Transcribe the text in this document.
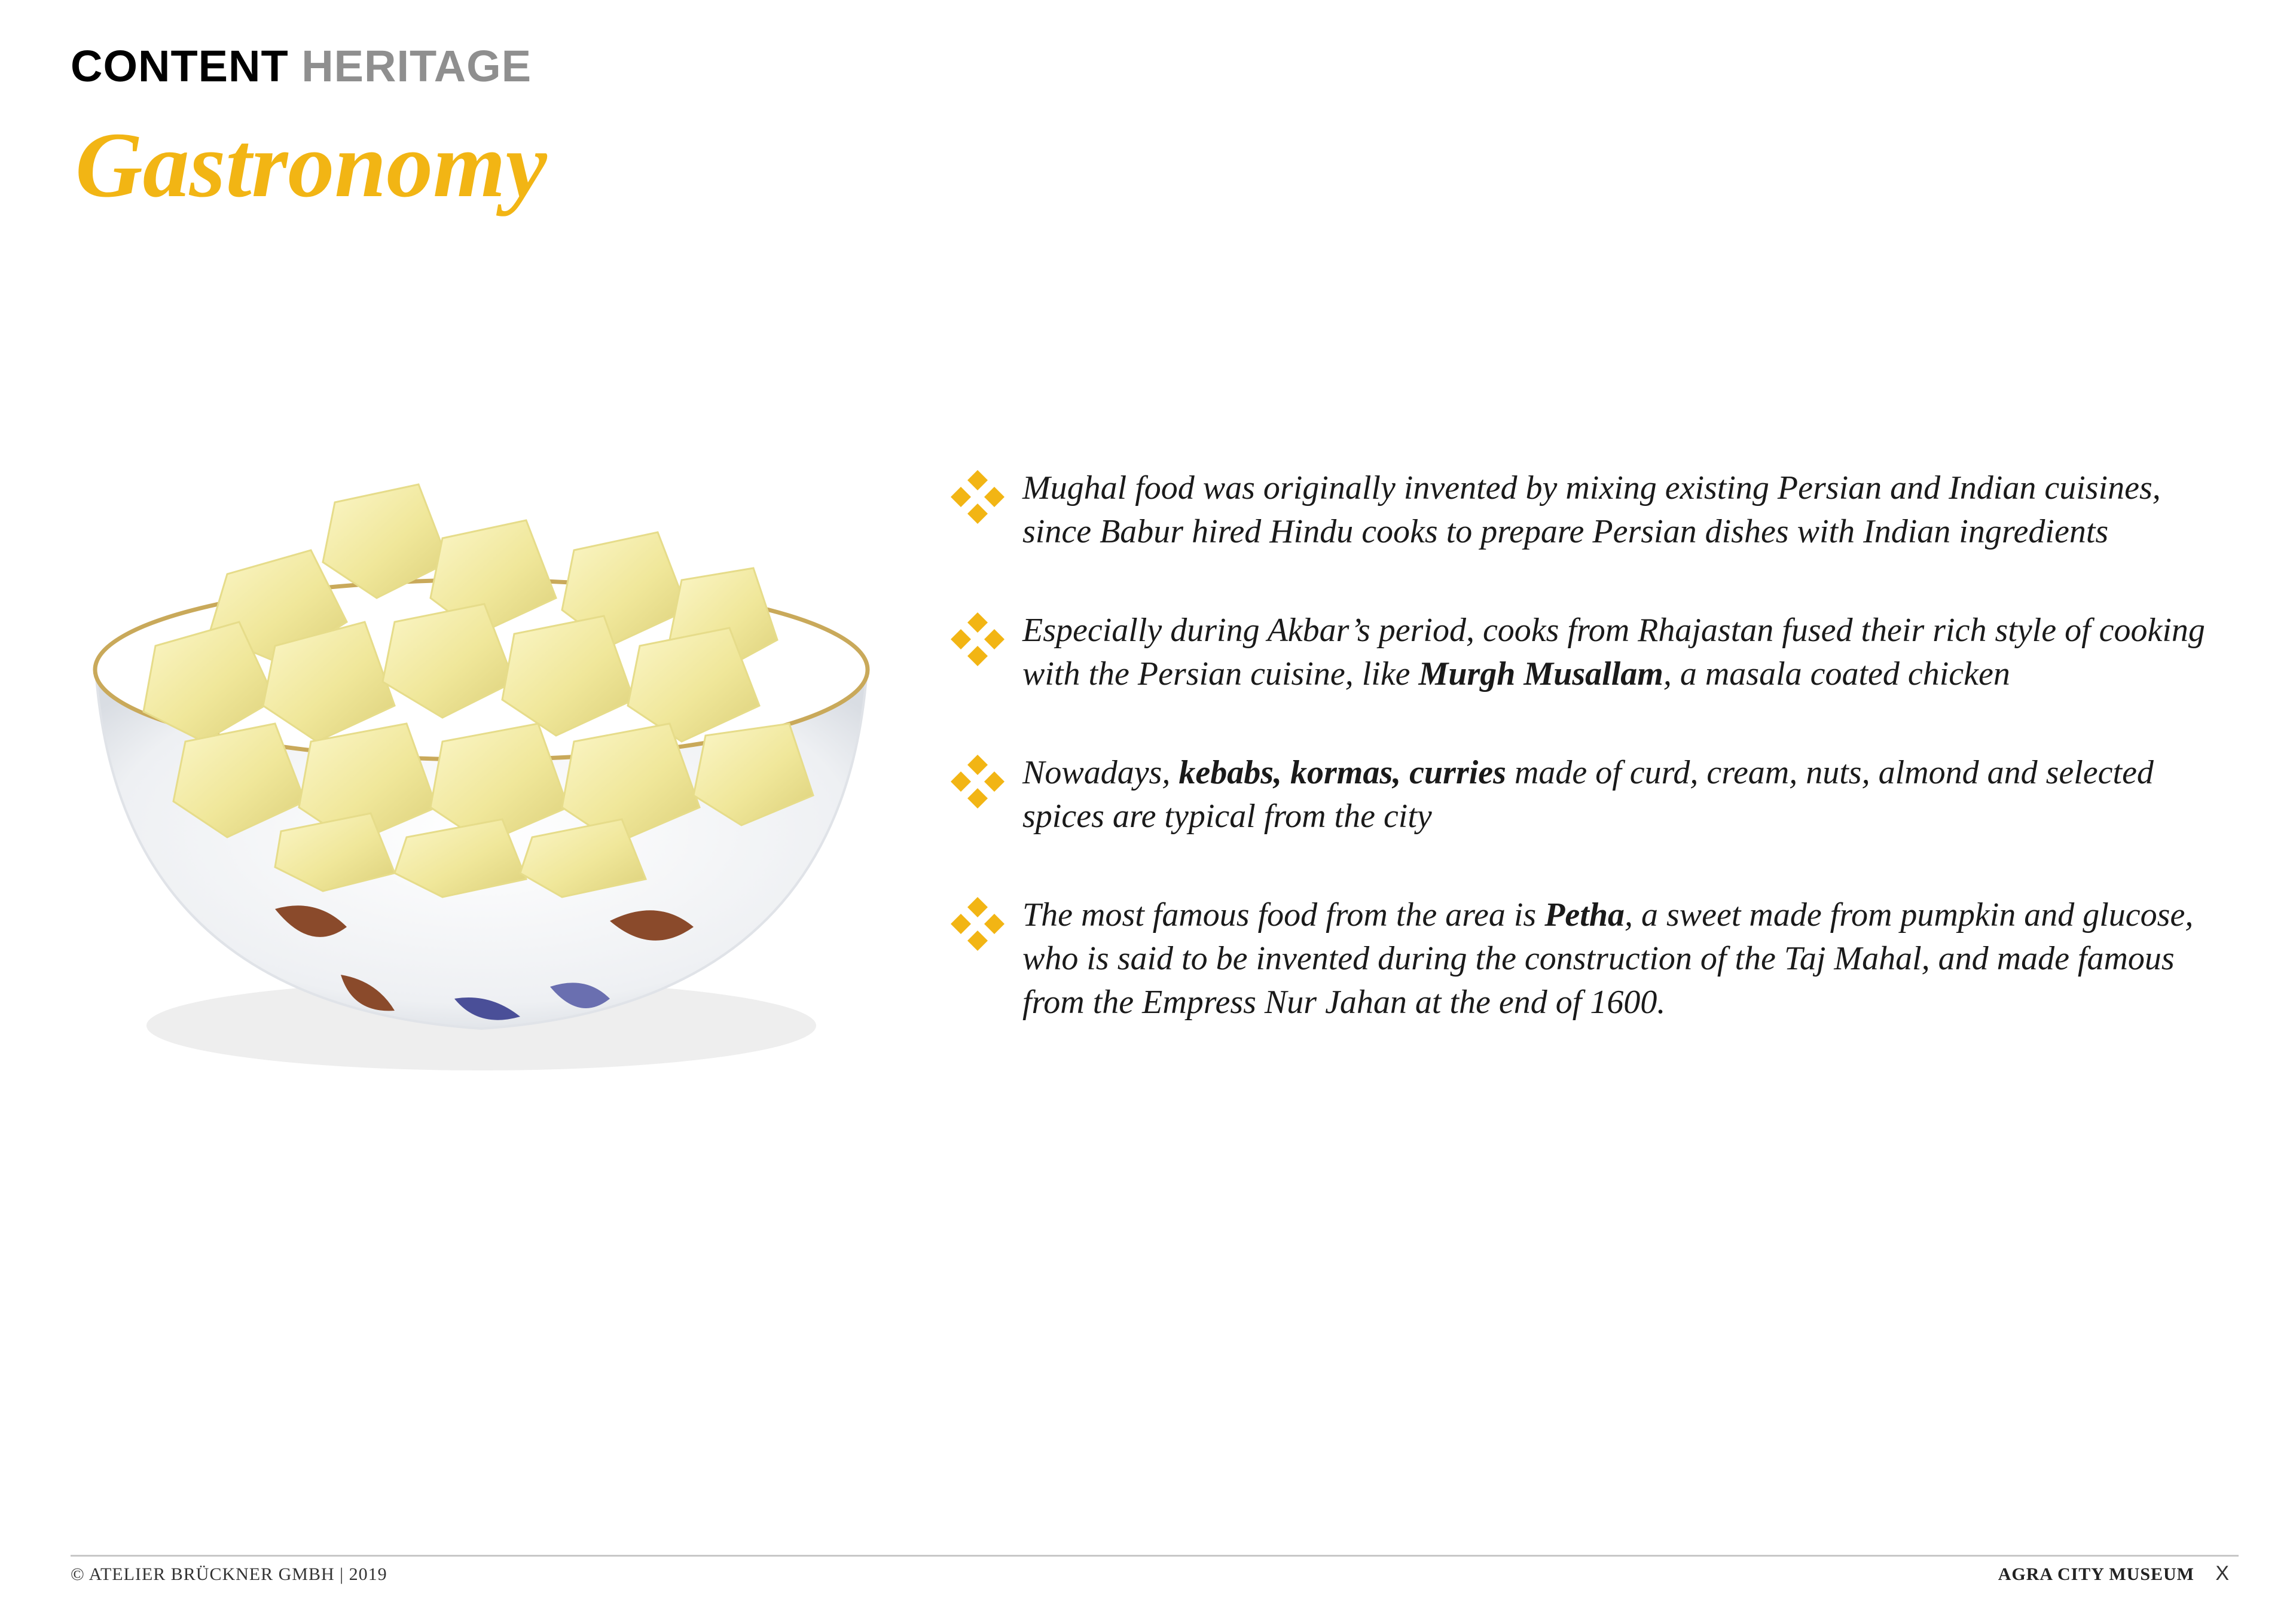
CONTENT HERITAGE
Gastronomy
Mughal food was originally invented by mixing existing Persian and Indian cuisines, since Babur hired Hindu cooks to prepare Persian dishes with Indian ingredients
Especially during Akbar’s period, cooks from Rhajastan fused their rich style of cooking with the Persian cuisine, like Murgh Musallam, a masala coated chicken
Nowadays, kebabs, kormas, curries made of curd, cream, nuts, almond and selected spices are typical from the city
The most famous food from the area is Petha, a sweet made from pumpkin and glucose, who is said to be invented during the construction of the Taj Mahal, and made famous from the Empress Nur Jahan at the end of 1600.
© ATELIER BRÜCKNER GMBH | 2019	AGRA CITY MUSEUM X
